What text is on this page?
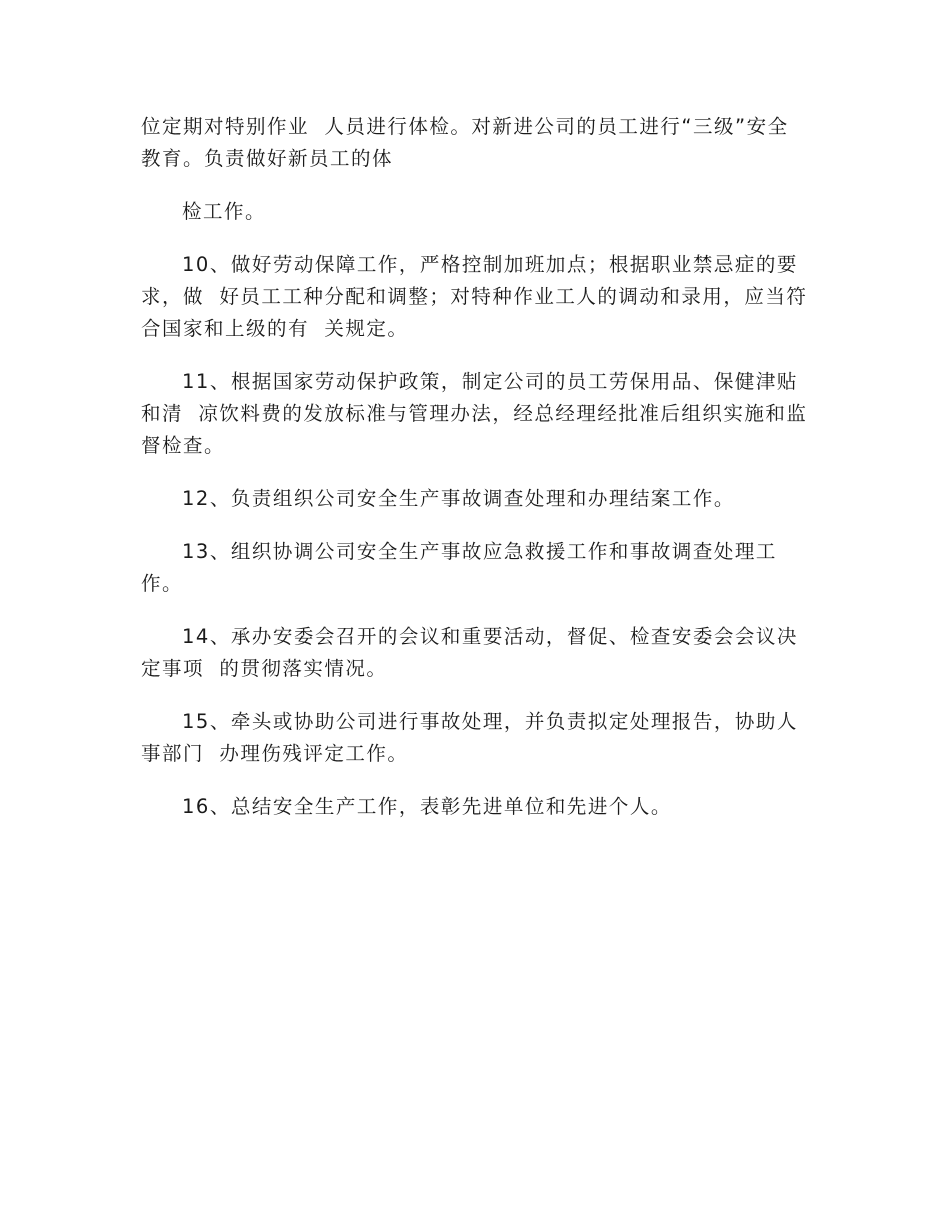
位定期对特别作业  人员进行体检。对新进公司的员工进行“三级”安全教育。负责做好新员工的体

检工作。

10、做好劳动保障工作，严格控制加班加点；根据职业禁忌症的要求，做  好员工工种分配和调整；对特种作业工人的调动和录用，应当符合国家和上级的有  关规定。

11、根据国家劳动保护政策，制定公司的员工劳保用品、保健津贴和清  凉饮料费的发放标准与管理办法，经总经理经批准后组织实施和监督检查。

12、负责组织公司安全生产事故调查处理和办理结案工作。

13、组织协调公司安全生产事故应急救援工作和事故调查处理工作。

14、承办安委会召开的会议和重要活动，督促、检查安委会会议决定事项  的贯彻落实情况。

15、牵头或协助公司进行事故处理，并负责拟定处理报告，协助人事部门  办理伤残评定工作。

16、总结安全生产工作，表彰先进单位和先进个人。
